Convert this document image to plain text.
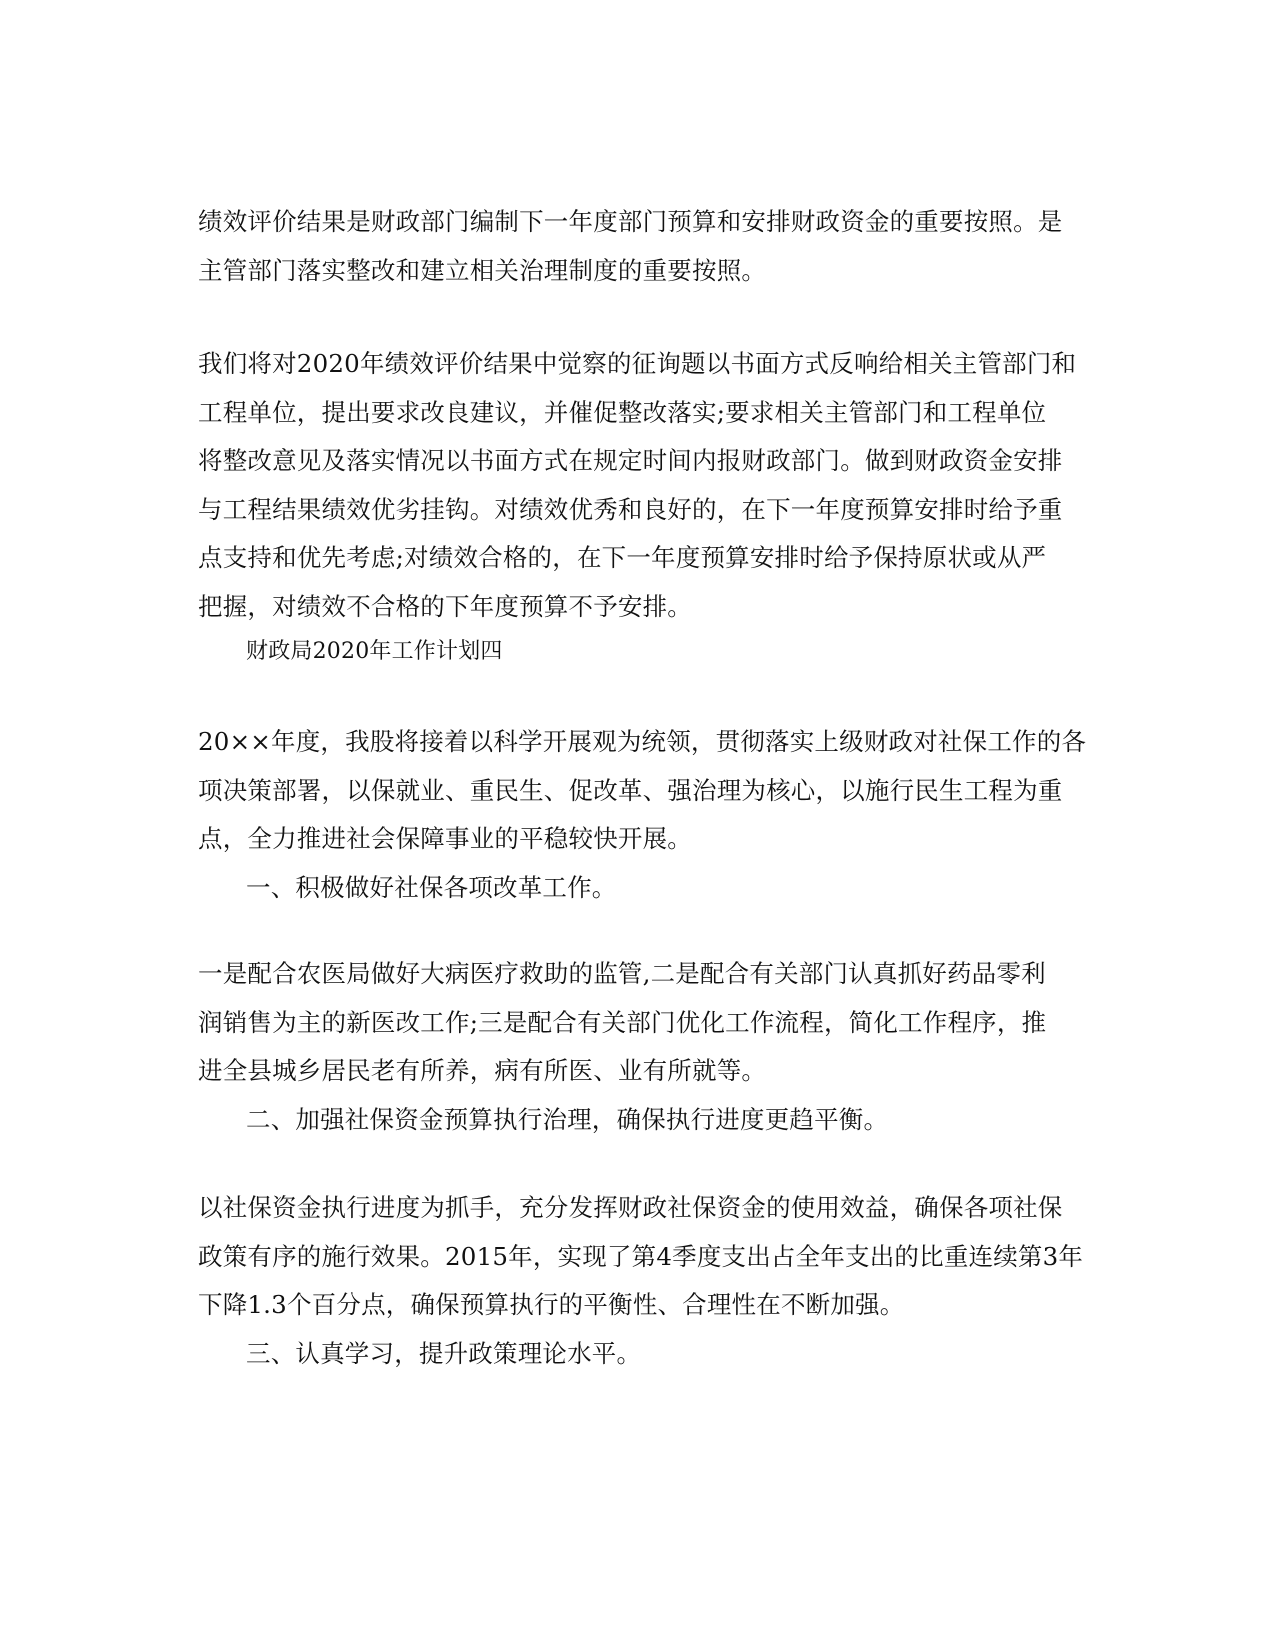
绩效评价结果是财政部门编制下一年度部门预算和安排财政资金的重要按照。是
主管部门落实整改和建立相关治理制度的重要按照。
我们将对2020年绩效评价结果中觉察的征询题以书面方式反响给相关主管部门和
工程单位，提出要求改良建议，并催促整改落实;要求相关主管部门和工程单位
将整改意见及落实情况以书面方式在规定时间内报财政部门。做到财政资金安排
与工程结果绩效优劣挂钩。对绩效优秀和良好的，在下一年度预算安排时给予重
点支持和优先考虑;对绩效合格的，在下一年度预算安排时给予保持原状或从严
把握，对绩效不合格的下年度预算不予安排。
财政局2020年工作计划四
20××年度，我股将接着以科学开展观为统领，贯彻落实上级财政对社保工作的各
项决策部署，以保就业、重民生、促改革、强治理为核心，以施行民生工程为重
点，全力推进社会保障事业的平稳较快开展。
一、积极做好社保各项改革工作。
一是配合农医局做好大病医疗救助的监管,二是配合有关部门认真抓好药品零利
润销售为主的新医改工作;三是配合有关部门优化工作流程，简化工作程序，推
进全县城乡居民老有所养，病有所医、业有所就等。
二、加强社保资金预算执行治理，确保执行进度更趋平衡。
以社保资金执行进度为抓手，充分发挥财政社保资金的使用效益，确保各项社保
政策有序的施行效果。2015年，实现了第4季度支出占全年支出的比重连续第3年
下降1.3个百分点，确保预算执行的平衡性、合理性在不断加强。
三、认真学习，提升政策理论水平。
